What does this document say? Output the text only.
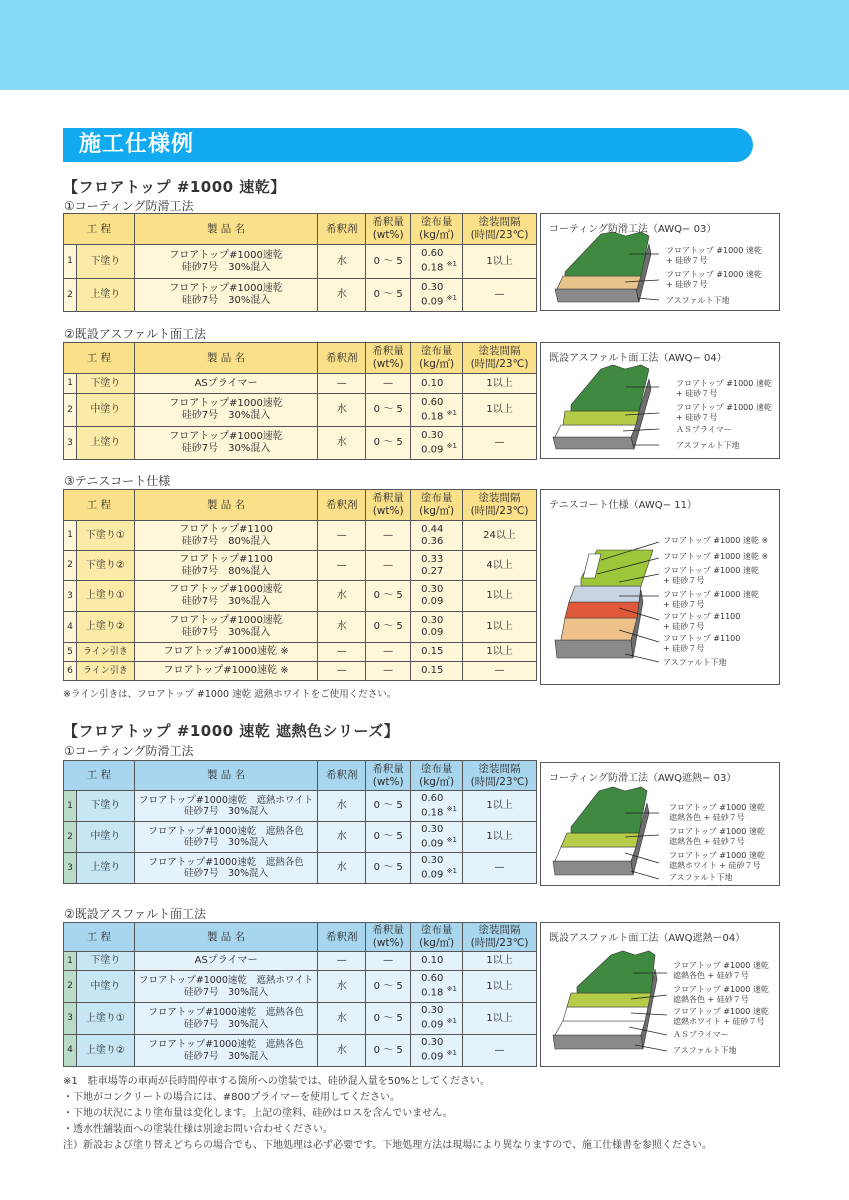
施工仕様例
【フロアトップ #1000 速乾】
①コーティング防滑工法
工 程		製 品 名	希釈剤	希釈量
(wt%)	塗布量
(kg/㎡)	塗装間隔
(時間/23℃)
1	下塗り	フロアトップ#1000速乾
硅砂7号　30%混入	水	0 ～ 5	0.60
0.18 $^{※1}$	1以上
2	上塗り	フロアトップ#1000速乾
硅砂7号　30%混入	水	0 ～ 5	0.30
0.09 $^{※1}$	—
コーティング防滑工法（AWQ− 03）
フロアトップ #1000 速乾
+ 硅砂７号
フロアトップ #1000 速乾
+ 硅砂７号
アスファルト下地
②既設アスファルト面工法
工 程		製 品 名	希釈剤	希釈量
(wt%)	塗布量
(kg/㎡)	塗装間隔
(時間/23℃)
1	下塗り	ASプライマー	—	—	0.10	1以上
2	中塗り	フロアトップ#1000速乾
硅砂7号　30%混入	水	0 ～ 5	0.60
0.18 $^{※1}$	1以上
3	上塗り	フロアトップ#1000速乾
硅砂7号　30%混入	水	0 ～ 5	0.30
0.09 $^{※1}$	—
既設アスファルト面工法（AWQ− 04）
フロアトップ #1000 速乾
+ 硅砂７号
フロアトップ #1000 速乾
+ 硅砂７号
ＡＳプライマー
アスファルト下地
③テニスコート仕様
工 程		製 品 名	希釈剤	希釈量
(wt%)	塗布量
(kg/㎡)	塗装間隔
(時間/23℃)
1	下塗り①	フロアトップ#1100
硅砂7号　80%混入	—	—	0.44
0.36	24以上
2	下塗り②	フロアトップ#1100
硅砂7号　80%混入	—	—	0.33
0.27	4以上
3	上塗り①	フロアトップ#1000速乾
硅砂7号　30%混入	水	0 ～ 5	0.30
0.09	1以上
4	上塗り②	フロアトップ#1000速乾
硅砂7号　30%混入	水	0 ～ 5	0.30
0.09	1以上
5	ライン引き	フロアトップ#1000速乾 ※	—	—	0.15	1以上
6	ライン引き	フロアトップ#1000速乾 ※	—	—	0.15	—
※ライン引きは、フロアトップ #1000 速乾 遮熱ホワイトをご使用ください。
テニスコート仕様（AWQ− 11）
フロアトップ #1000 速乾 ※
フロアトップ #1000 速乾 ※
フロアトップ #1000 速乾
+ 硅砂７号
フロアトップ #1000 速乾
+ 硅砂７号
フロアトップ #1100
+ 硅砂７号
フロアトップ #1100
+ 硅砂７号
アスファルト下地
【フロアトップ #1000 速乾 遮熱色シリーズ】
①コーティング防滑工法
工 程		製 品 名	希釈剤	希釈量
(wt%)	塗布量
(kg/㎡)	塗装間隔
(時間/23℃)
1	下塗り	フロアトップ#1000速乾　遮熱ホワイト
硅砂7号　30%混入	水	0 ～ 5	0.60
0.18 $^{※1}$	1以上
2	中塗り	フロアトップ#1000速乾　遮熱各色
硅砂7号　30%混入	水	0 ～ 5	0.30
0.09 $^{※1}$	1以上
3	上塗り	フロアトップ#1000速乾　遮熱各色
硅砂7号　30%混入	水	0 ～ 5	0.30
0.09 $^{※1}$	—
コーティング防滑工法（AWQ遮熱− 03）
フロアトップ #1000 速乾
遮熱各色 + 硅砂７号
フロアトップ #1000 速乾
遮熱各色 + 硅砂７号
フロアトップ #1000 速乾
遮熱ホワイト + 硅砂７号
アスファルト下地
②既設アスファルト面工法
工 程		製 品 名	希釈剤	希釈量
(wt%)	塗布量
(kg/㎡)	塗装間隔
(時間/23℃)
1	下塗り	ASプライマー	—	—	0.10	1以上
2	中塗り	フロアトップ#1000速乾　遮熱ホワイト
硅砂7号　30%混入	水	0 ～ 5	0.60
0.18 $^{※1}$	1以上
3	上塗り①	フロアトップ#1000速乾　遮熱各色
硅砂7号　30%混入	水	0 ～ 5	0.30
0.09 $^{※1}$	1以上
4	上塗り②	フロアトップ#1000速乾　遮熱各色
硅砂7号　30%混入	水	0 ～ 5	0.30
0.09 $^{※1}$	—
既設アスファルト面工法（AWQ遮熱ー04）
フロアトップ #1000 速乾
遮熱各色 + 硅砂７号
フロアトップ #1000 速乾
遮熱各色 + 硅砂７号
フロアトップ #1000 速乾
遮熱ホワイト + 硅砂７号
ＡＳプライマー
アスファルト下地
※1　駐車場等の車両が長時間停車する箇所への塗装では、硅砂混入量を50%としてください。
・下地がコンクリートの場合には、#800プライマーを使用してください。
・下地の状況により塗布量は変化します。上記の塗料、硅砂はロスを含んでいません。
・透水性舗装面への塗装仕様は別途お問い合わせください。
注）新設および塗り替えどちらの場合でも、下地処理は必ず必要です。下地処理方法は現場により異なりますので、施工仕様書を参照ください。
